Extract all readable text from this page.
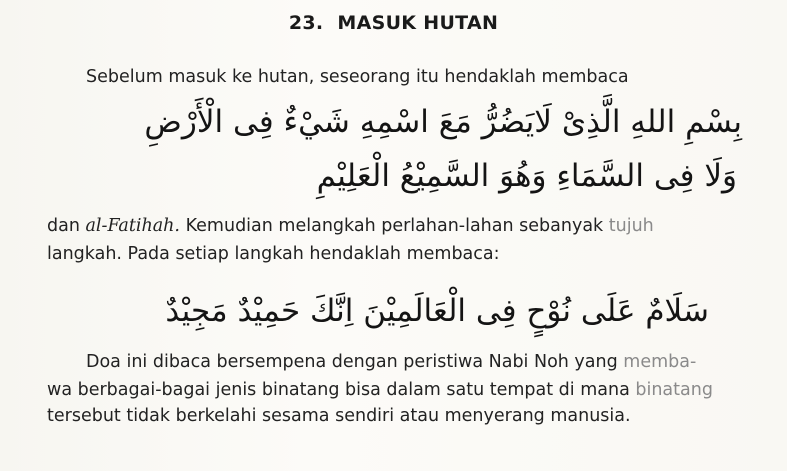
23. MASUK HUTAN
Sebelum masuk ke hutan, seseorang itu hendaklah membaca
بِسْمِ اللهِ الَّذِىْ لَايَضُرُّ مَعَ اسْمِهِ شَيْءٌ فِى الْأَرْضِ
وَلَا فِى السَّمَاءِ وَهُوَ السَّمِيْعُ الْعَلِيْمِ
dan al-Fatihah. Kemudian melangkah perlahan-lahan sebanyak tujuh
langkah. Pada setiap langkah hendaklah membaca:
سَلَامٌ عَلَى نُوْحٍ فِى الْعَالَمِيْنَ اِنَّكَ حَمِيْدٌ مَجِيْدٌ
Doa ini dibaca bersempena dengan peristiwa Nabi Noh yang memba-
wa berbagai-bagai jenis binatang bisa dalam satu tempat di mana binatang
tersebut tidak berkelahi sesama sendiri atau menyerang manusia.
